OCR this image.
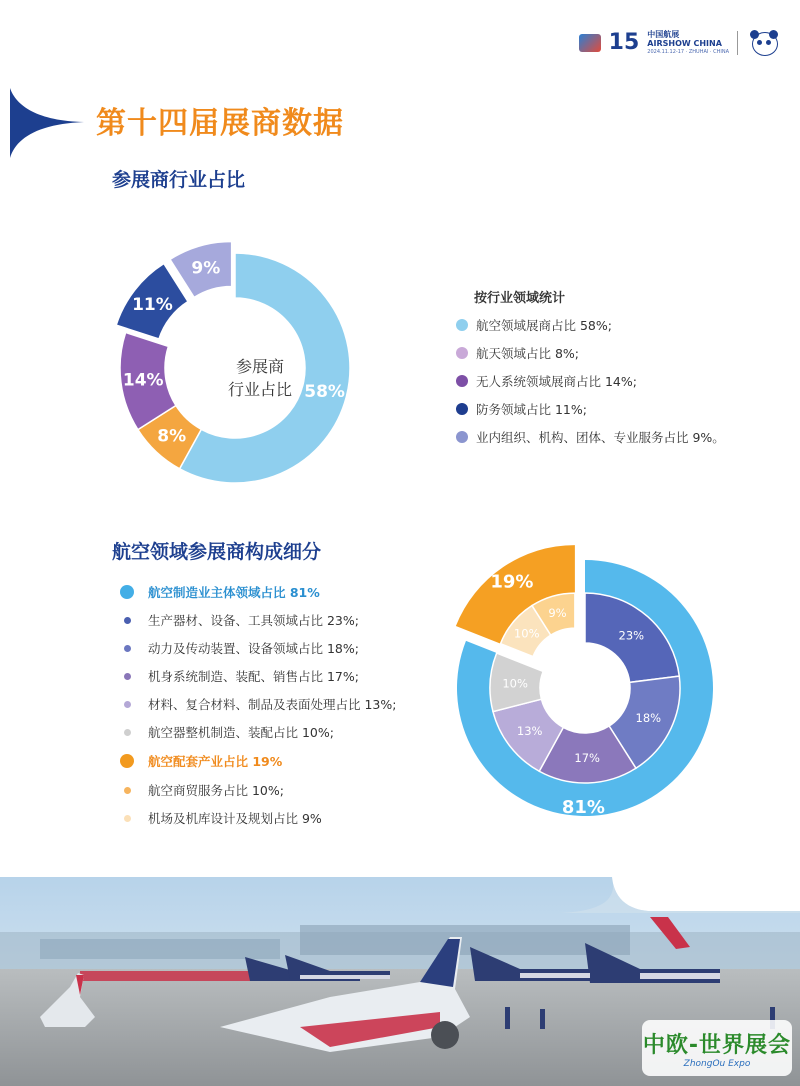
15 中国航展
AIRSHOW CHINA
2024.11.12-17 · ZHUHAI · CHINA
第十四届展商数据
参展商行业占比
58%
8%
14%
11%
9%
参展商
行业占比
按行业领域统计
航空领域展商占比 58%;
航天领域占比 8%;
无人系统领域展商占比 14%;
防务领域占比 11%;
业内组织、机构、团体、专业服务占比 9%。
航空领域参展商构成细分
航空制造业主体领域占比 81%
生产器材、设备、工具领域占比 23%;
动力及传动装置、设备领域占比 18%;
机身系统制造、装配、销售占比 17%;
材料、复合材料、制品及表面处理占比 13%;
航空器整机制造、装配占比 10%;
航空配套产业占比 19%
航空商贸服务占比 10%;
机场及机库设计及规划占比 9%
81%
19%
23%
18%
17%
13%
10%
10%
9%
中欧-世界展会
ZhongOu Expo
